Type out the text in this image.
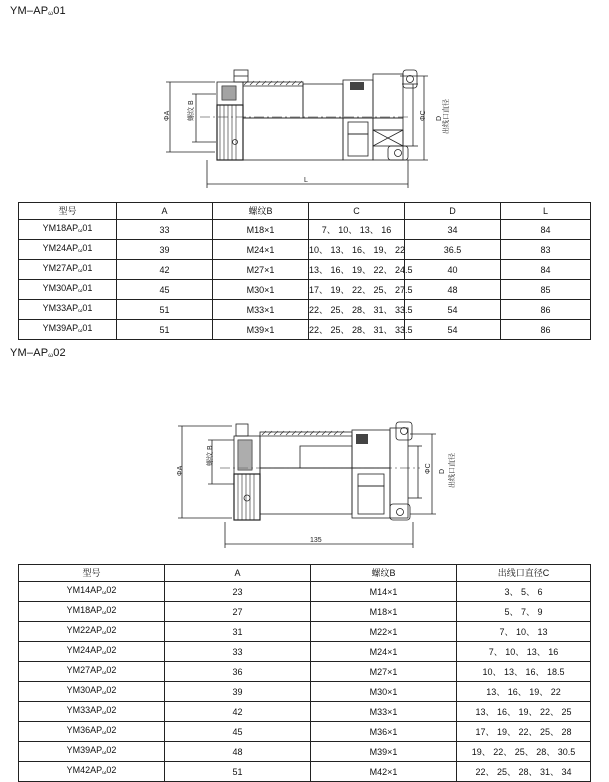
$YM-AP_\omega 01$
ΦA 螺纹 B
L
ΦC 出线口直径
D
型号	A	螺纹B	C	D	L
$YM18AP_\omega 01$	33	M18×1	7、 10、 13、 16	34	84
$YM24AP_\omega 01$	39	M24×1	10、 13、 16、 19、 22	36.5	83
$YM27AP_\omega 01$	42	M27×1	13、 16、 19、 22、 24.5	40	84
$YM30AP_\omega 01$	45	M30×1	17、 19、 22、 25、 27.5	48	85
$YM33AP_\omega 01$	51	M33×1	22、 25、 28、 31、 33.5	54	86
$YM39AP_\omega 01$	51	M39×1	22、 25、 28、 31、 33.5	54	86
$YM-AP_\omega 02$
ΦA
螺纹 B
135
ΦC 出线口直径
D
型号	A	螺纹B	出线口直径C
$YM14AP_\omega 02$	23	M14×1	3、 5、 6
$YM18AP_\omega 02$	27	M18×1	5、 7、 9
$YM22AP_\omega 02$	31	M22×1	7、 10、 13
$YM24AP_\omega 02$	33	M24×1	7、 10、 13、 16
$YM27AP_\omega 02$	36	M27×1	10、 13、 16、 18.5
$YM30AP_\omega 02$	39	M30×1	13、 16、 19、 22
$YM33AP_\omega 02$	42	M33×1	13、 16、 19、 22、 25
$YM36AP_\omega 02$	45	M36×1	17、 19、 22、 25、 28
$YM39AP_\omega 02$	48	M39×1	19、 22、 25、 28、 30.5
$YM42AP_\omega 02$	51	M42×1	22、 25、 28、 31、 34
